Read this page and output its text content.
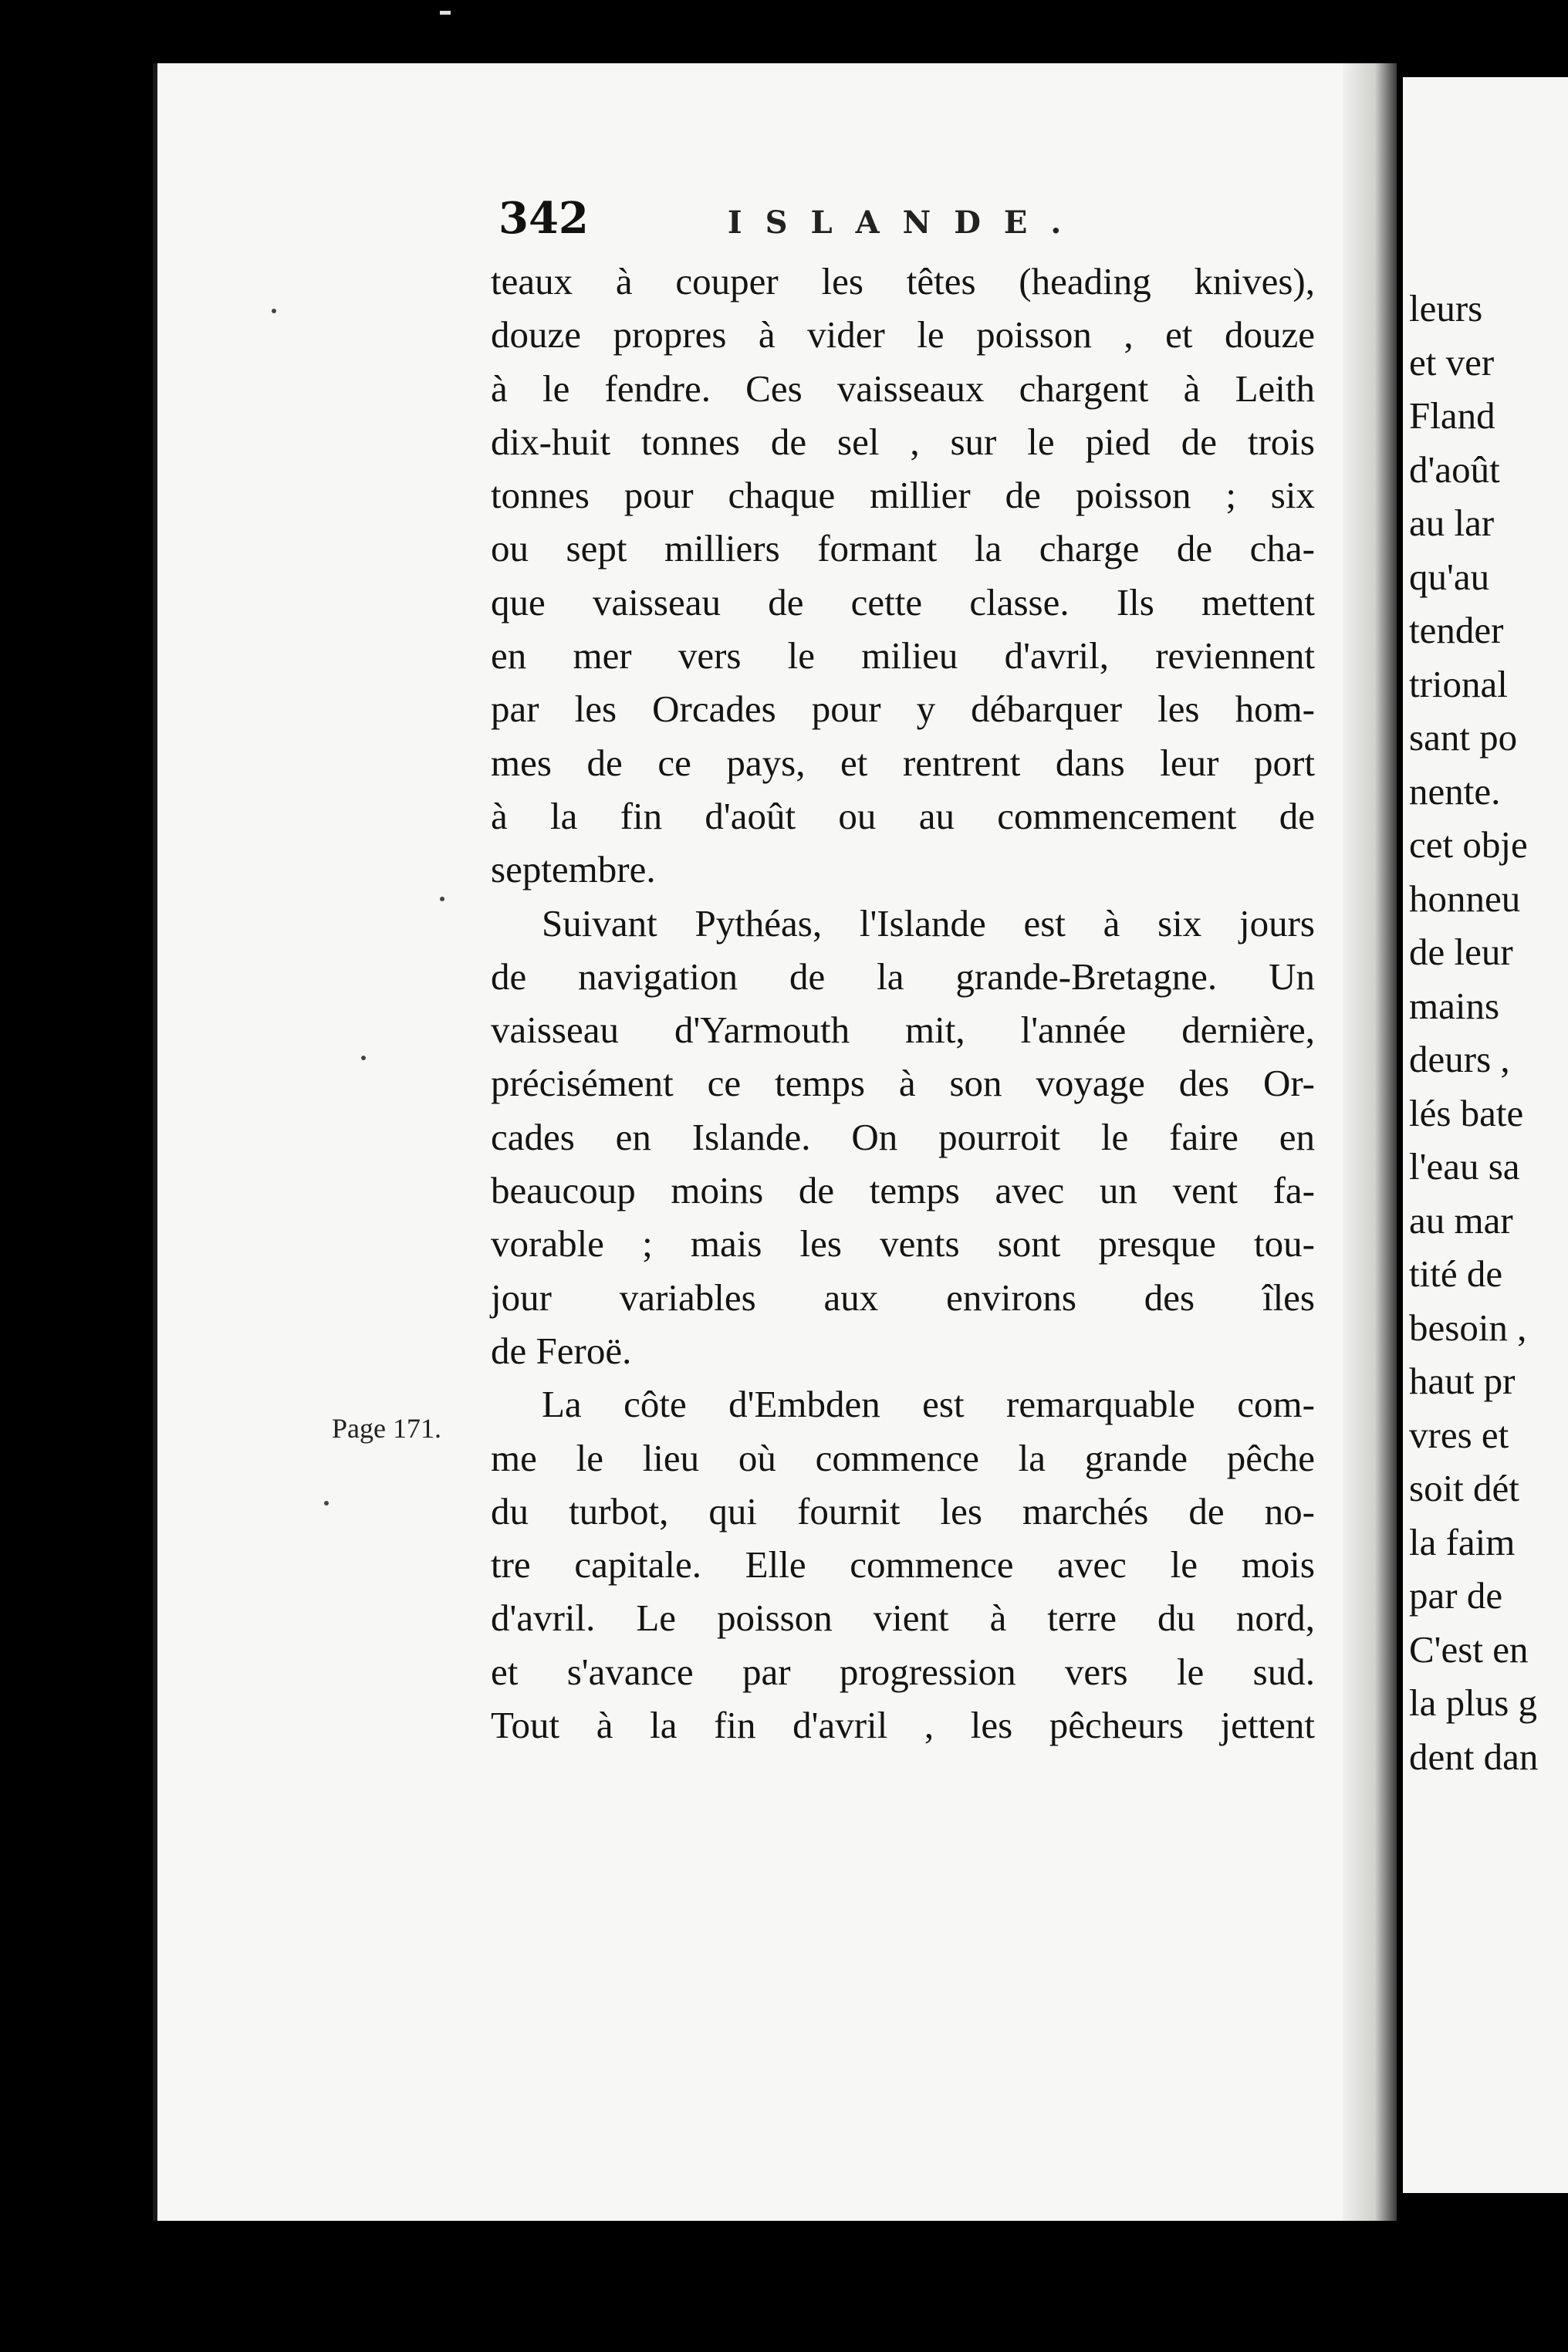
342	ISLANDE.
teaux à couper les têtes (heading knives),
douze propres à vider le poisson , et douze
à le fendre. Ces vaisseaux chargent à Leith
dix-huit tonnes de sel , sur le pied de trois
tonnes pour chaque millier de poisson ; six
ou sept milliers formant la charge de cha-
que vaisseau de cette classe. Ils mettent
en mer vers le milieu d'avril, reviennent
par les Orcades pour y débarquer les hom-
mes de ce pays, et rentrent dans leur port
à la fin d'août ou au commencement de
septembre.
Suivant Pythéas, l'Islande est à six jours
de navigation de la grande-Bretagne. Un
vaisseau d'Yarmouth mit, l'année dernière,
précisément ce temps à son voyage des Or-
cades en Islande. On pourroit le faire en
beaucoup moins de temps avec un vent fa-
vorable ; mais les vents sont presque tou-
jour variables aux environs des îles
de Feroë.
La côte d'Embden est remarquable com-
me le lieu où commence la grande pêche
du turbot, qui fournit les marchés de no-
tre capitale. Elle commence avec le mois
d'avril. Le poisson vient à terre du nord,
et s'avance par progression vers le sud.
Tout à la fin d'avril , les pêcheurs jettent
Page 171.
leurs
et ver
Fland
d'août
au lar
qu'au
tender
trional
sant po
nente.
cet obje
honneu
de leur
mains
deurs ,
lés bate
l'eau sa
au mar
tité de
besoin ,
haut pr
vres et
soit dét
la faim
par de
C'est en
la plus g
dent dan
